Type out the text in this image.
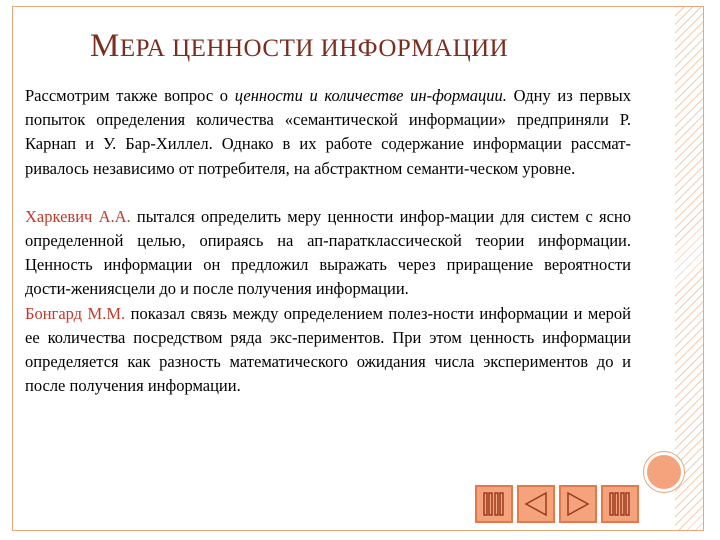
МЕРА ЦЕННОСТИ ИНФОРМАЦИИ

Рассмотрим также вопрос о ценности и количестве ин-формации. Одну из первых попыток определения количества «семантической информации» предприняли Р. Карнап и У. Бар-Хиллел. Однако в их работе содержание информации рассмат-ривалось независимо от потребителя, на абстрактном семанти-ческом уровне.

Харкевич А.А. пытался определить меру ценности инфор-мации для систем с ясно определенной целью, опираясь на ап-паратклассической теории информации. Ценность информации он предложил выражать через приращение вероятности дости-жениясцели до и после получения информации.

Бонгард М.М. показал связь между определением полез-ности информации и мерой ее количества посредством ряда экс-периментов. При этом ценность информации определяется как разность математического ожидания числа экспериментов до и после получения информации.
